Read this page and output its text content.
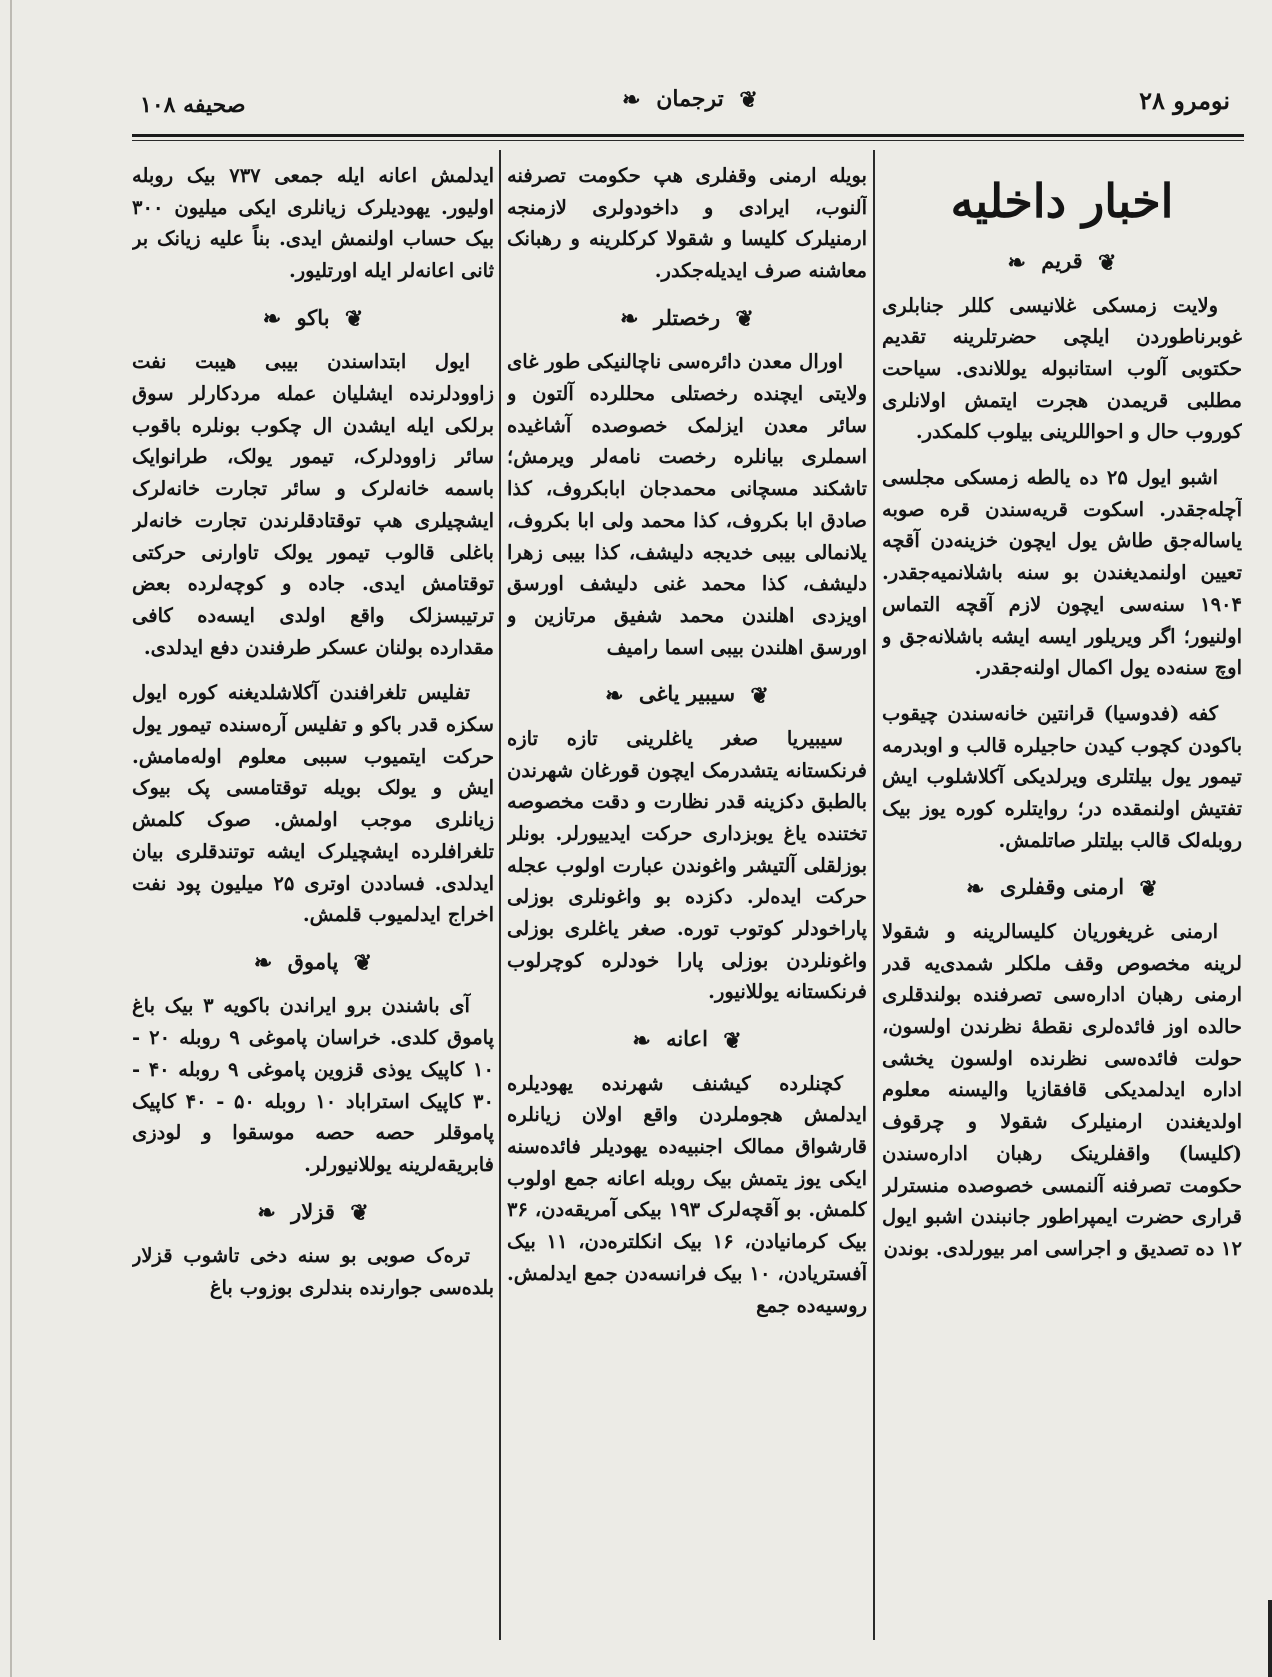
نومرو ۲۸
❦ ترجمان ❧
صحیفه ۱۰۸
اخبار داخلیه
❦ قریم ❧

ولایت زمسکی غلانیسی کللر جنابلری غوبرناطوردن ایلچی حضرتلرینه تقدیم حکتوبی آلوب استانبوله یوللاندی. سیاحت مطلبی قریمدن هجرت ایتمش اولانلری کوروب حال و احواللرینی بیلوب کلمکدر.

اشبو ایول ۲۵ ده یالطه زمسکی مجلسی آچله‌جقدر. اسکوت قریه‌سندن قره صوبه یاساله‌جق طاش یول ایچون خزینه‌دن آقچه تعیین اولنمدیغندن بو سنه باشلانمیه‌جقدر. ۱۹۰۴ سنه‌سی ایچون لازم آقچه التماس اولنیور؛ اگر ویریلور ایسه ایشه باشلانه‌جق و اوچ سنه‌ده یول اکمال اولنه‌جقدر.

کفه (فدوسیا) قرانتین خانه‌سندن چیقوب باکودن کچوب کیدن حاجیلره قالب و اوبدرمه تیمور یول بیلتلری ویرلدیکی آکلاشلوب ایش تفتیش اولنمقده در؛ روایتلره کوره یوز بیک روبله‌لک قالب بیلتلر صاتلمش.

❦ ارمنی وقفلری ❧

ارمنی غریغوریان کلیسالرینه و شقولا لرینه مخصوص وقف ملکلر شمدی‌یه قدر ارمنی رهبان اداره‌سی تصرفنده بولندقلری حالده اوز فائده‌لری نقطه‌ٔ نظرندن اولسون، حولت فائده‌سی نظرنده اولسون یخشی اداره ایدلمدیکی قافقازیا والیسنه معلوم اولدیغندن ارمنیلرک شقولا و چرقوف (کلیسا) واقفلرینک رهبان اداره‌سندن حکومت تصرفنه آلنمسی خصوصده منسترلر قراری حضرت ایمپراطور جانبندن اشبو ایول ۱۲ ده تصدیق و اجراسی امر بیورلدی. بوندن

بویله ارمنی وقفلری هپ حکومت تصرفنه آلنوب، ایرادی و داخودولری لازمنجه ارمنیلرک کلیسا و شقولا کرکلرینه و رهبانک معاشنه صرف ایدیله‌جکدر.

❦ رخصتلر ❧

اورال معدن دائره‌سی ناچالنیکی طور غای ولایتی ایچنده رخصتلی محللرده آلتون و سائر معدن ایزلمک خصوصده آشاغیده اسملری بیانلره رخصت نامه‌لر ویرمش؛ تاشکند مسچانی محمدجان ابابکروف، کذا صادق ابا بکروف، کذا محمد ولی ابا بکروف، یلانمالی بیبی خدیجه دلیشف، کذا بیبی زهرا دلیشف، کذا محمد غنی دلیشف اورسق اویزدی اهلندن محمد شفیق مرتازین و اورسق اهلندن بیبی اسما رامیف

❦ سیبیر یاغی ❧

سیبیریا صغر یاغلرینی تازه تازه فرنکستانه یتشدرمک ایچون قورغان شهرندن بالطبق دکزینه قدر نظارت و دقت مخصوصه تختنده یاغ یوبزداری حرکت ایدییورلر. بونلر بوزلقلی آلتیشر واغوندن عبارت اولوب عجله حرکت ایدەلر. دکزده بو واغونلری بوزلی پاراخودلر کوتوب تورە. صغر یاغلری بوزلی واغونلردن بوزلی پارا خودلره کوچرلوب فرنکستانه یوللانیور.

❦ اعانه ❧

کچنلرده کیشنف شهرنده یهودیلره ایدلمش هجوملردن واقع اولان زیانلره قارشواق ممالک اجنبیه‌ده یهودیلر فائده‌سنه ایکی یوز یتمش بیک روبله اعانه جمع اولوب کلمش. بو آقچه‌لرک ۱۹۳ بیکی آمریقه‌دن، ۳۶ بیک کرمانیادن، ۱۶ بیک انکلتره‌دن، ۱۱ بیک آفستریادن، ۱۰ بیک فرانسه‌دن جمع ایدلمش. روسیه‌ده جمع

ایدلمش اعانه ایله جمعی ۷۳۷ بیک روبله اولیور. یهودیلرک زیانلری ایکی میلیون ۳۰۰ بیک حساب اولنمش ایدی. بناً علیه زیانک بر ثانی اعانه‌لر ایله اورتلیور.

❦ باکو ❧

ایول ابتداسندن بیبی هیبت نفت زاوودلرنده ایشلیان عمله مردکارلر سوق برلکی ایله ایشدن ال چکوب بونلره باقوب سائر زاوودلرک، تیمور یولک، طرانوایک باسمه خانه‌لرک و سائر تجارت خانه‌لرک ایشچیلری هپ توقتادقلرندن تجارت خانه‌لر باغلی قالوب تیمور یولک تاوارنی حرکتی توقتامش ایدی. جاده و کوچه‌لرده بعض ترتیبسزلک واقع اولدی ایسه‌ده کافی مقدارده بولنان عسکر طرفندن دفع ایدلدی.

تفلیس تلغرافندن آکلاشلدیغنه کوره ایول سکزه قدر باکو و تفلیس آره‌سنده تیمور یول حرکت ایتمیوب سببی معلوم اولەمامش. ایش و یولک بویله توقتامسی پک بیوک زیانلری موجب اولمش. صوک کلمش تلغرافلرده ایشچیلرک ایشه توتندقلری بیان ایدلدی. فساددن اوتری ۲۵ میلیون پود نفت اخراج ایدلمیوب قلمش.

❦ پاموق ❧

آی باشندن برو ایراندن باکویه ۳ بیک باغ پاموق کلدی. خراسان پاموغی ۹ روبله ۲۰ - ۱۰ کاپیک یوذی قزوین پاموغی ۹ روبله ۴۰ - ۳۰ کاپیک استراباد ۱۰ روبله ۵۰ - ۴۰ کاپیک پاموقلر حصه حصه موسقوا و لودزی فابریقه‌لرینه یوللانیورلر.

❦ قزلار ❧

ترەک صوبی بو سنه دخی تاشوب قزلار بلده‌سی جوارنده بندلری بوزوب باغ
